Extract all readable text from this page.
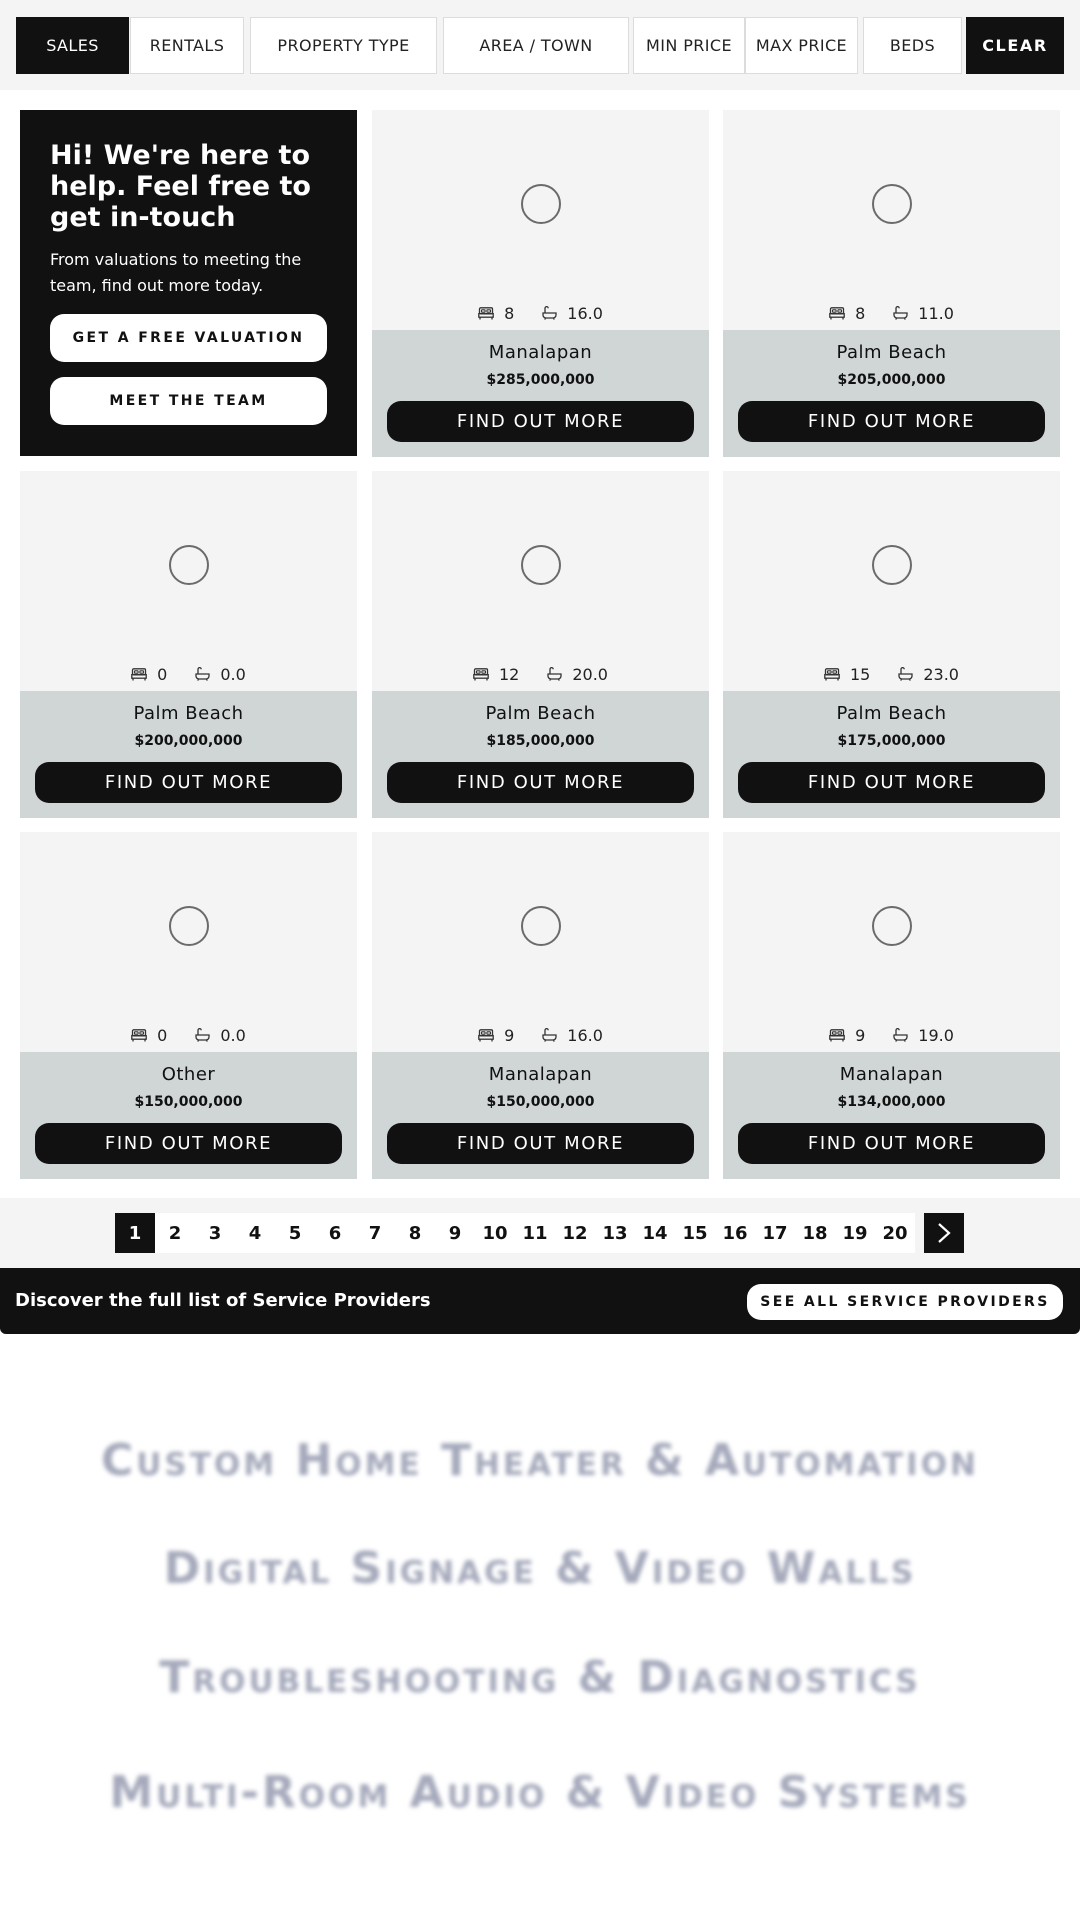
SALES	RENTALS	PROPERTY TYPE	AREA / TOWN	MIN PRICE	MAX PRICE	BEDS	CLEAR
Hi! We're here to help. Feel free to get in-touch
From valuations to meeting the team, find out more today.
GET A FREE VALUATION
MEET THE TEAM
8	16.0
Manalapan
$285,000,000
FIND OUT MORE
8	11.0
Palm Beach
$205,000,000
FIND OUT MORE
0	0.0
Palm Beach
$200,000,000
FIND OUT MORE
12	20.0
Palm Beach
$185,000,000
FIND OUT MORE
15	23.0
Palm Beach
$175,000,000
FIND OUT MORE
0	0.0
Other
$150,000,000
FIND OUT MORE
9	16.0
Manalapan
$150,000,000
FIND OUT MORE
9	19.0
Manalapan
$134,000,000
FIND OUT MORE
1	2	3	4	5	6	7	8	9	10 11 12 13 14 15 16 17 18 19 20
Discover the full list of Service Providers	SEE ALL SERVICE PROVIDERS
Custom Home Theater & Automation
Digital Signage & Video Walls
Troubleshooting & Diagnostics
Multi-Room Audio & Video Systems
